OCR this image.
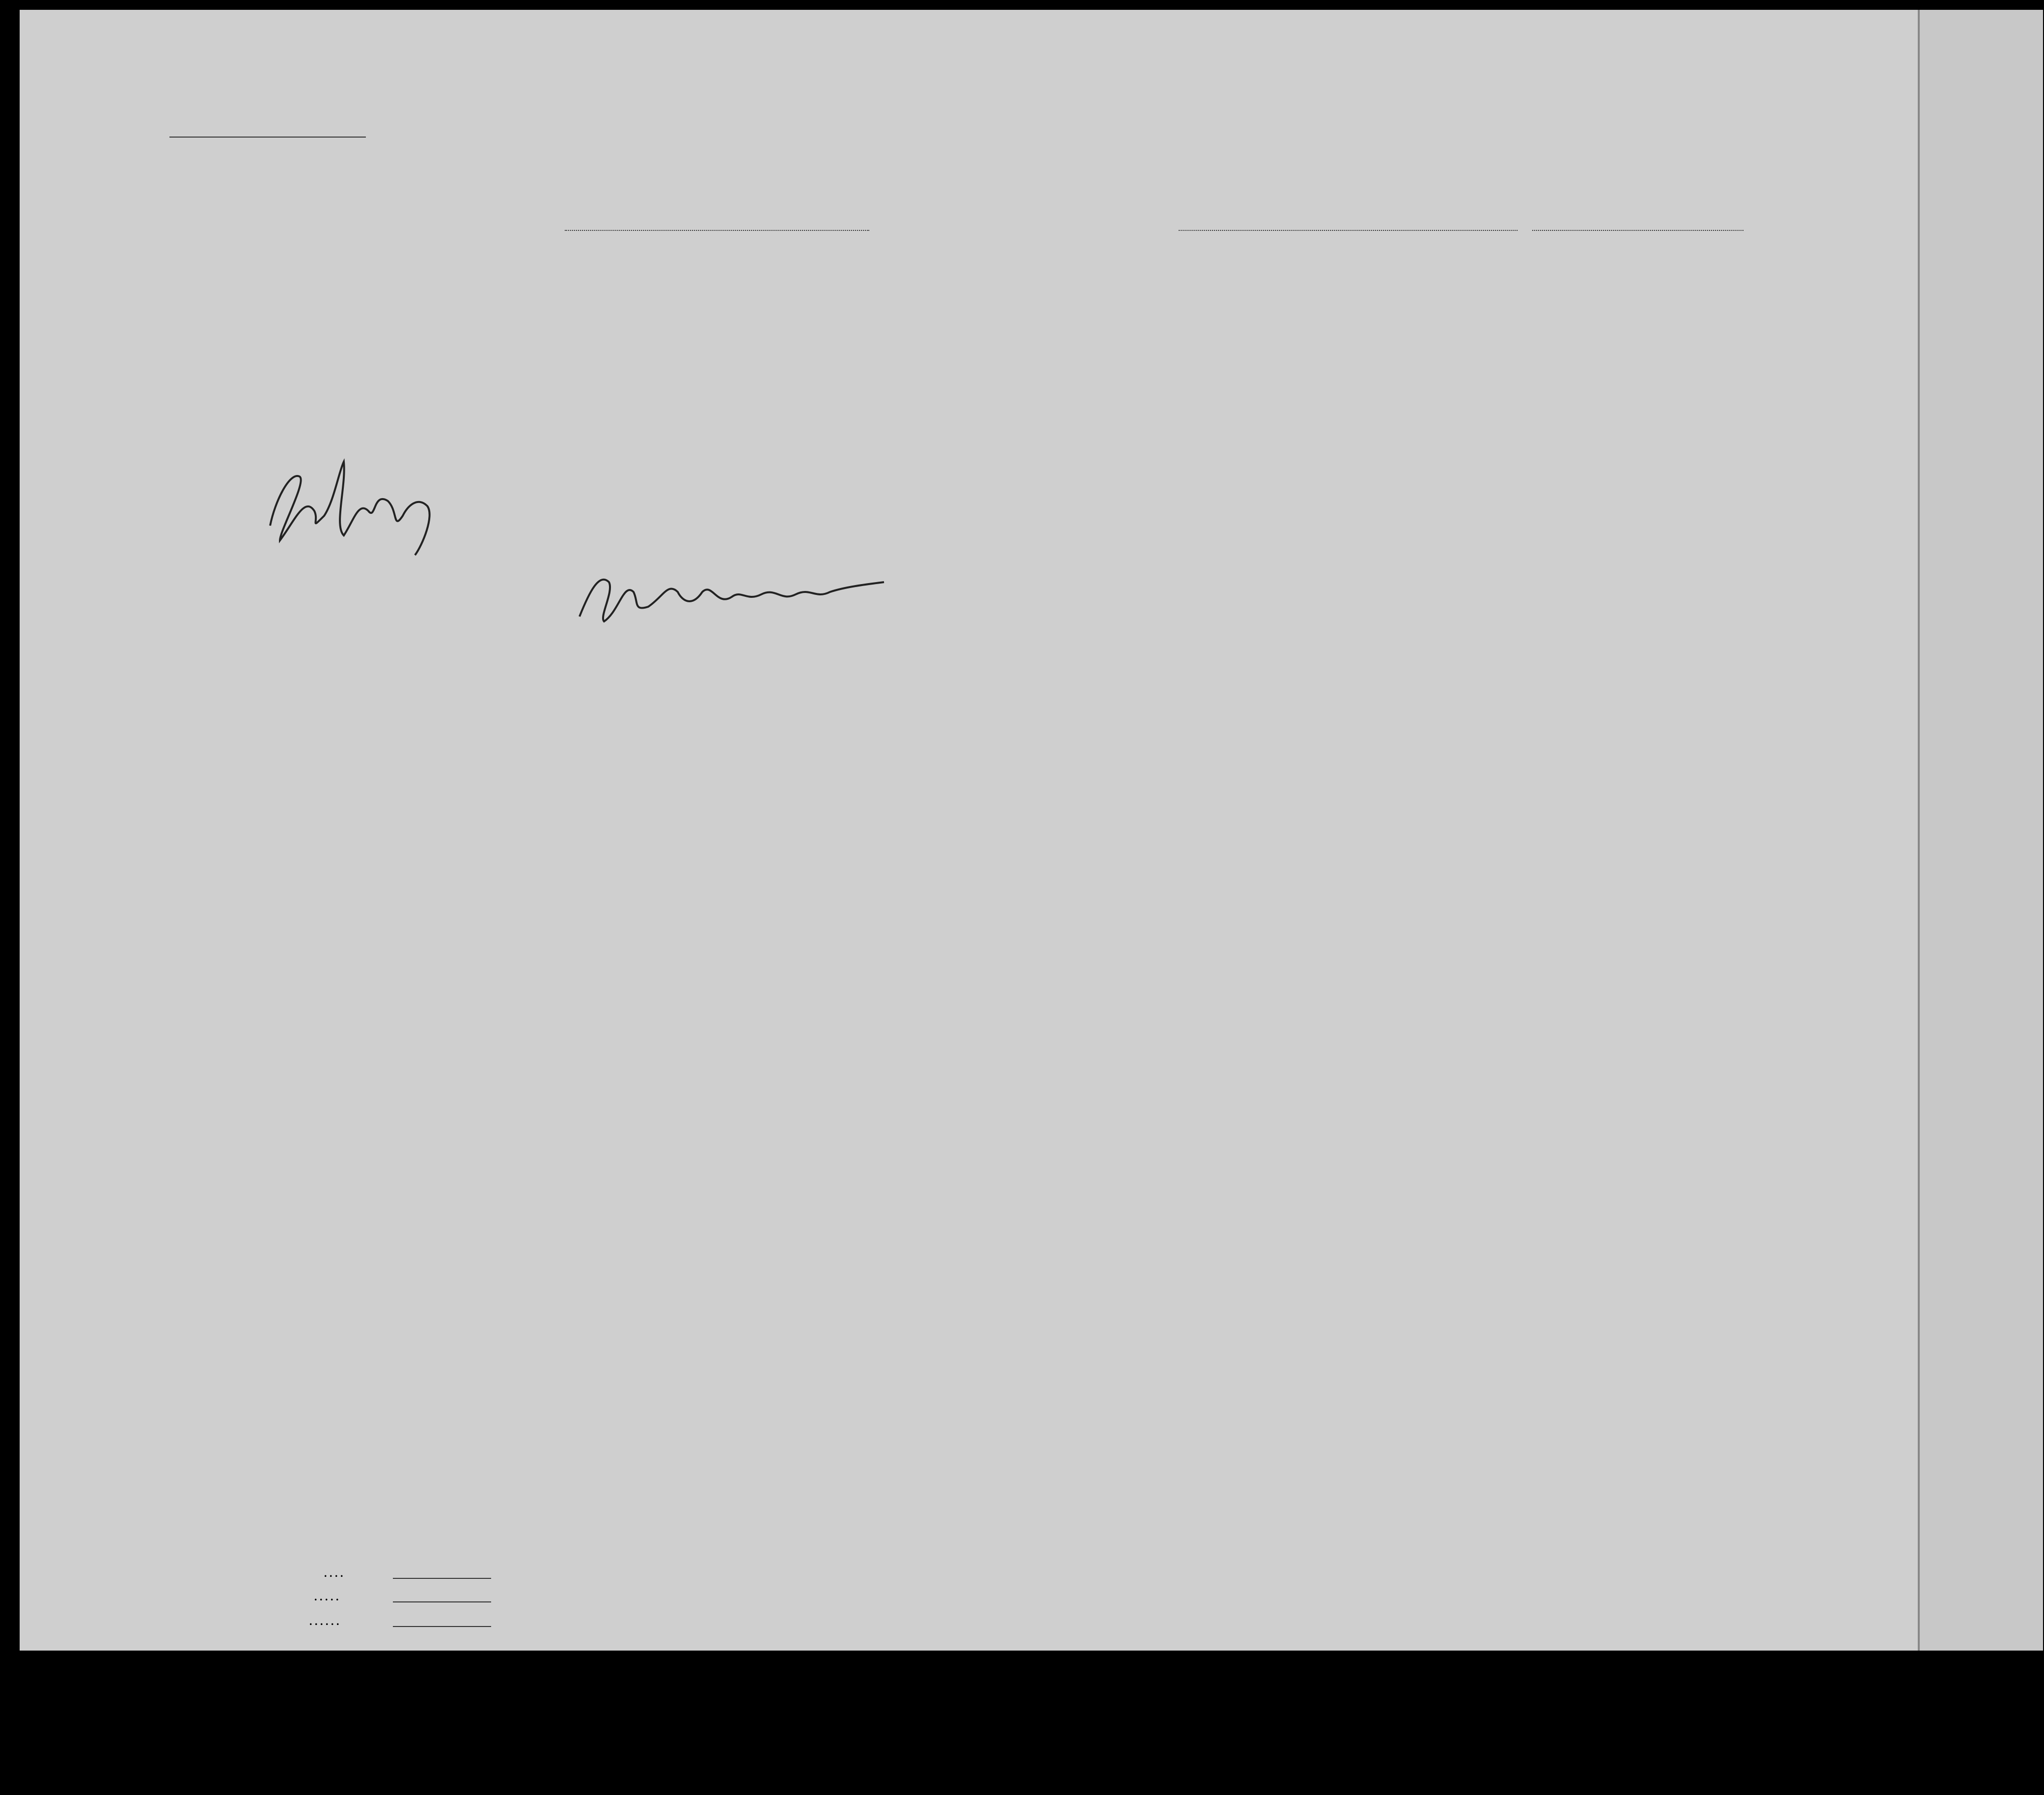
. . . .
. . . . .
. . . . . .
